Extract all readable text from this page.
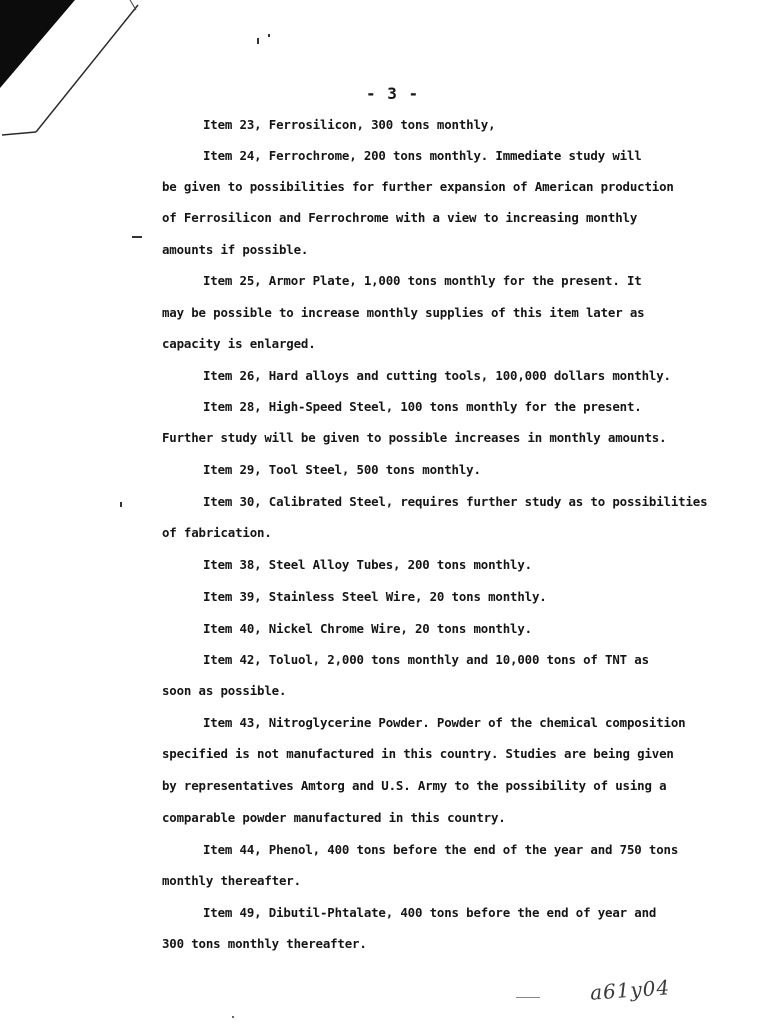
- 3 -
Item 23, Ferrosilicon, 300 tons monthly,
Item 24, Ferrochrome, 200 tons monthly. Immediate study will
be given to possibilities for further expansion of American production
of Ferrosilicon and Ferrochrome with a view to increasing monthly
amounts if possible.
Item 25, Armor Plate, 1,000 tons monthly for the present. It
may be possible to increase monthly supplies of this item later as
capacity is enlarged.
Item 26, Hard alloys and cutting tools, 100,000 dollars monthly.
Item 28, High-Speed Steel, 100 tons monthly for the present.
Further study will be given to possible increases in monthly amounts.
Item 29, Tool Steel, 500 tons monthly.
Item 30, Calibrated Steel, requires further study as to possibilities
of fabrication.
Item 38, Steel Alloy Tubes, 200 tons monthly.
Item 39, Stainless Steel Wire, 20 tons monthly.
Item 40, Nickel Chrome Wire, 20 tons monthly.
Item 42, Toluol, 2,000 tons monthly and 10,000 tons of TNT as
soon as possible.
Item 43, Nitroglycerine Powder. Powder of the chemical composition
specified is not manufactured in this country. Studies are being given
by representatives Amtorg and U.S. Army to the possibility of using a
comparable powder manufactured in this country.
Item 44, Phenol, 400 tons before the end of the year and 750 tons
monthly thereafter.
Item 49, Dibutil-Phtalate, 400 tons before the end of year and
300 tons monthly thereafter.
a61y04
